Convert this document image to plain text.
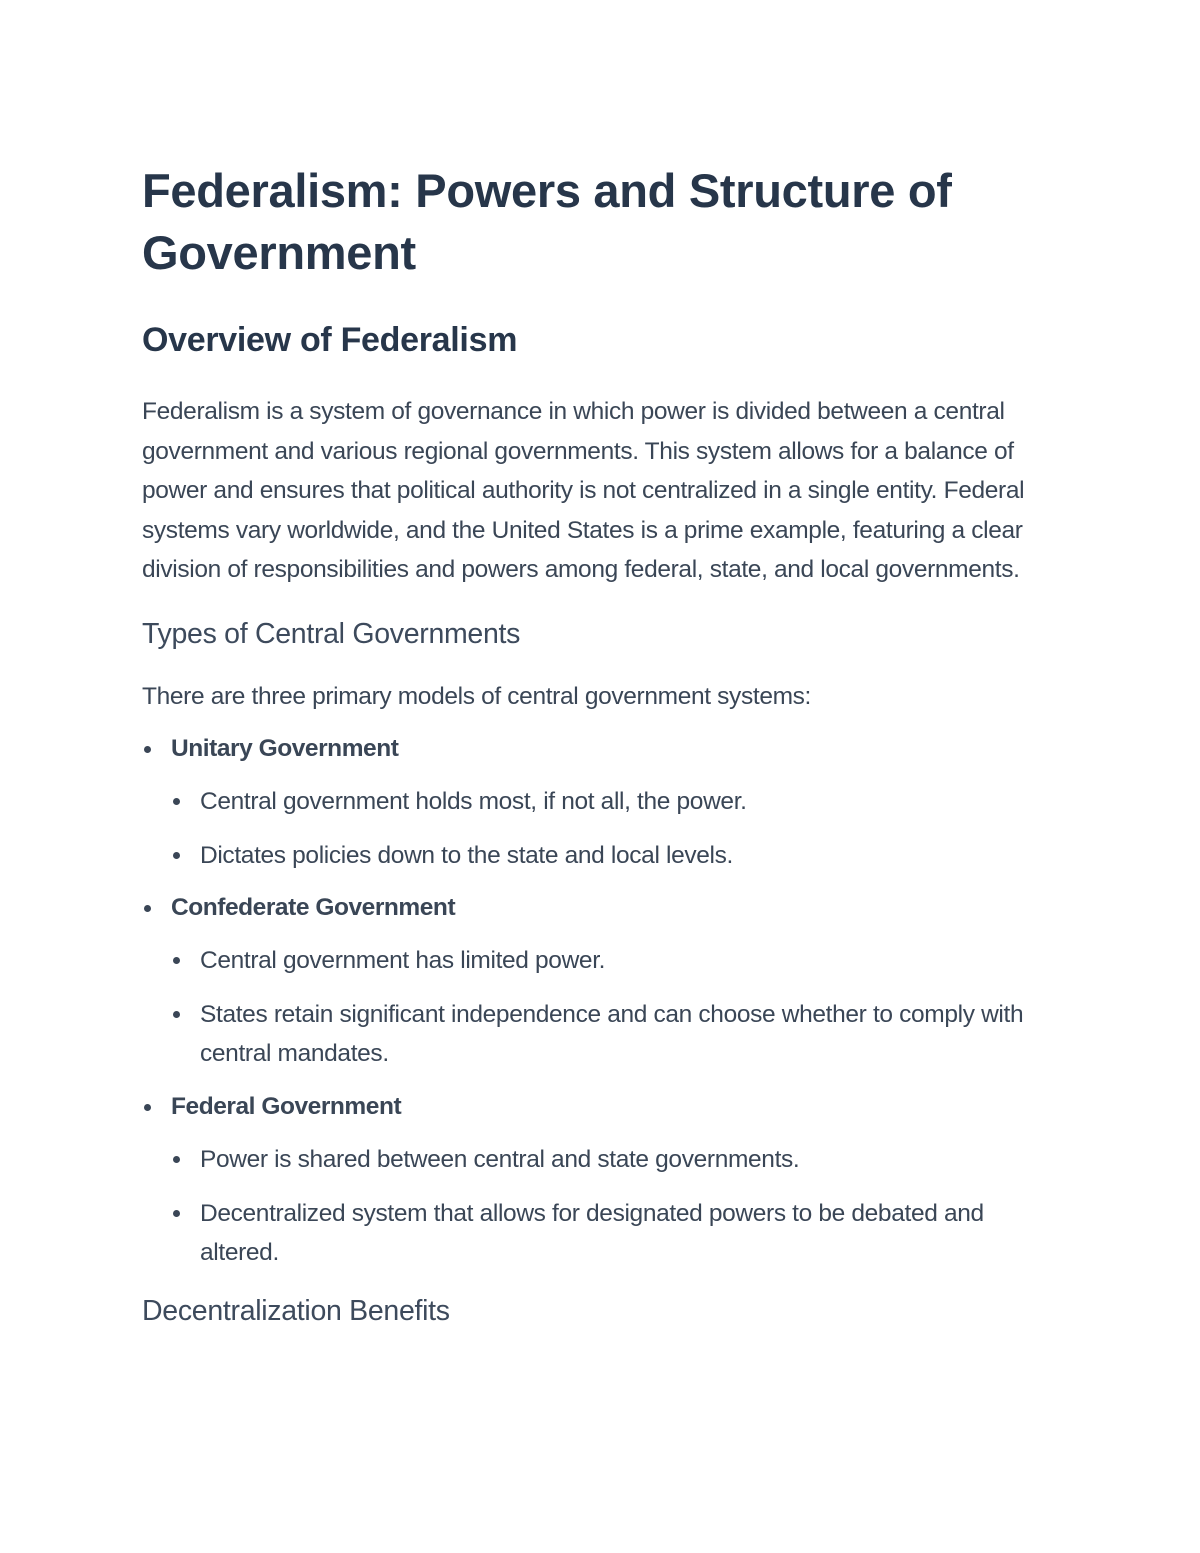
Federalism: Powers and Structure of Government
Overview of Federalism

Federalism is a system of governance in which power is divided between a central government and various regional governments. This system allows for a balance of power and ensures that political authority is not centralized in a single entity. Federal systems vary worldwide, and the United States is a prime example, featuring a clear division of responsibilities and powers among federal, state, and local governments.

Types of Central Governments

There are three primary models of central government systems:

Unitary Government
Central government holds most, if not all, the power.
Dictates policies down to the state and local levels.
Confederate Government
Central government has limited power.
States retain significant independence and can choose whether to comply with central mandates.
Federal Government
Power is shared between central and state governments.
Decentralized system that allows for designated powers to be debated and altered.
Decentralization Benefits
